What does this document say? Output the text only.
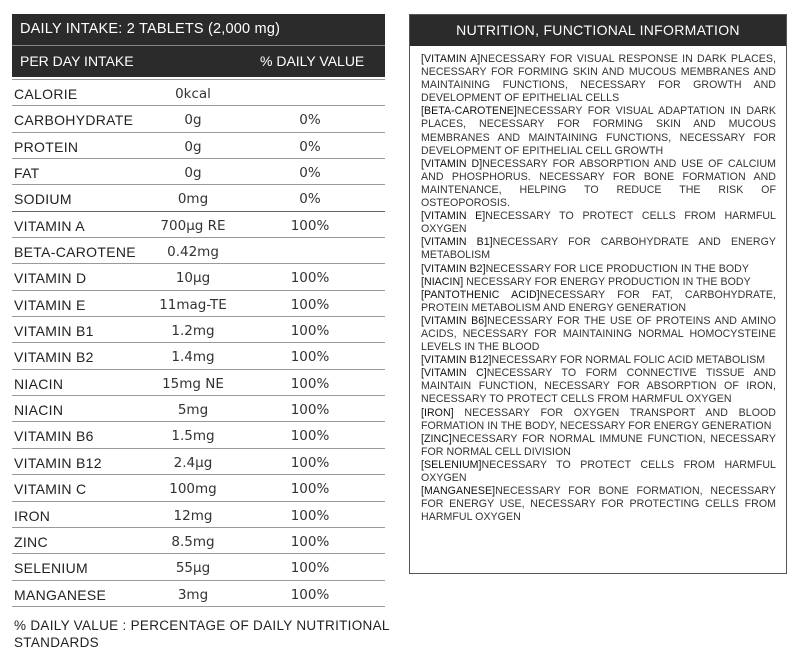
DAILY INTAKE: 2 TABLETS (2,000 mg)
PER DAY INTAKE	% DAILY VALUE
CALORIE	0kcal
CARBOHYDRATE	0g	0%
PROTEIN	0g	0%
FAT	0g	0%
SODIUM	0mg	0%
VITAMIN A	700μg RE	100%
BETA-CAROTENE	0.42mg
VITAMIN D	10μg	100%
VITAMIN E	11mag-TE	100%
VITAMIN B1	1.2mg	100%
VITAMIN B2	1.4mg	100%
NIACIN	15mg NE	100%
NIACIN	5mg	100%
VITAMIN B6	1.5mg	100%
VITAMIN B12	2.4μg	100%
VITAMIN C	100mg	100%
IRON	12mg	100%
ZINC	8.5mg	100%
SELENIUM	55μg	100%
MANGANESE	3mg	100%
% DAILY VALUE : PERCENTAGE OF DAILY NUTRITIONAL STANDARDS
NUTRITION, FUNCTIONAL INFORMATION
[VITAMIN A]NECESSARY FOR VISUAL RESPONSE IN DARK PLACES, NECESSARY FOR FORMING SKIN AND MUCOUS MEMBRANES AND MAINTAINING FUNCTIONS, NECESSARY FOR GROWTH AND DEVELOPMENT OF EPITHELIAL CELLS
[BETA-CAROTENE]NECESSARY FOR VISUAL ADAPTATION IN DARK PLACES, NECESSARY FOR FORMING SKIN AND MUCOUS MEMBRANES AND MAINTAINING FUNCTIONS, NECESSARY FOR DEVELOPMENT OF EPITHELIAL CELL GROWTH
[VITAMIN D]NECESSARY FOR ABSORPTION AND USE OF CALCIUM AND PHOSPHORUS. NECESSARY FOR BONE FORMATION AND MAINTENANCE, HELPING TO REDUCE THE RISK OF OSTEOPOROSIS.
[VITAMIN E]NECESSARY TO PROTECT CELLS FROM HARMFUL OXYGEN
[VITAMIN B1]NECESSARY FOR CARBOHYDRATE AND ENERGY METABOLISM
[VITAMIN B2]NECESSARY FOR LICE PRODUCTION IN THE BODY
[NIACIN] NECESSARY FOR ENERGY PRODUCTION IN THE BODY
[PANTOTHENIC ACID]NECESSARY FOR FAT, CARBOHYDRATE, PROTEIN METABOLISM AND ENERGY GENERATION
[VITAMIN B6]NECESSARY FOR THE USE OF PROTEINS AND AMINO ACIDS, NECESSARY FOR MAINTAINING NORMAL HOMOCYSTEINE LEVELS IN THE BLOOD
[VITAMIN B12]NECESSARY FOR NORMAL FOLIC ACID METABOLISM
[VITAMIN C]NECESSARY TO FORM CONNECTIVE TISSUE AND MAINTAIN FUNCTION, NECESSARY FOR ABSORPTION OF IRON, NECESSARY TO PROTECT CELLS FROM HARMFUL OXYGEN
[IRON] NECESSARY FOR OXYGEN TRANSPORT AND BLOOD FORMATION IN THE BODY, NECESSARY FOR ENERGY GENERATION
[ZINC]NECESSARY FOR NORMAL IMMUNE FUNCTION, NECESSARY FOR NORMAL CELL DIVISION
[SELENIUM]NECESSARY TO PROTECT CELLS FROM HARMFUL OXYGEN
[MANGANESE]NECESSARY FOR BONE FORMATION, NECESSARY FOR ENERGY USE, NECESSARY FOR PROTECTING CELLS FROM HARMFUL OXYGEN
